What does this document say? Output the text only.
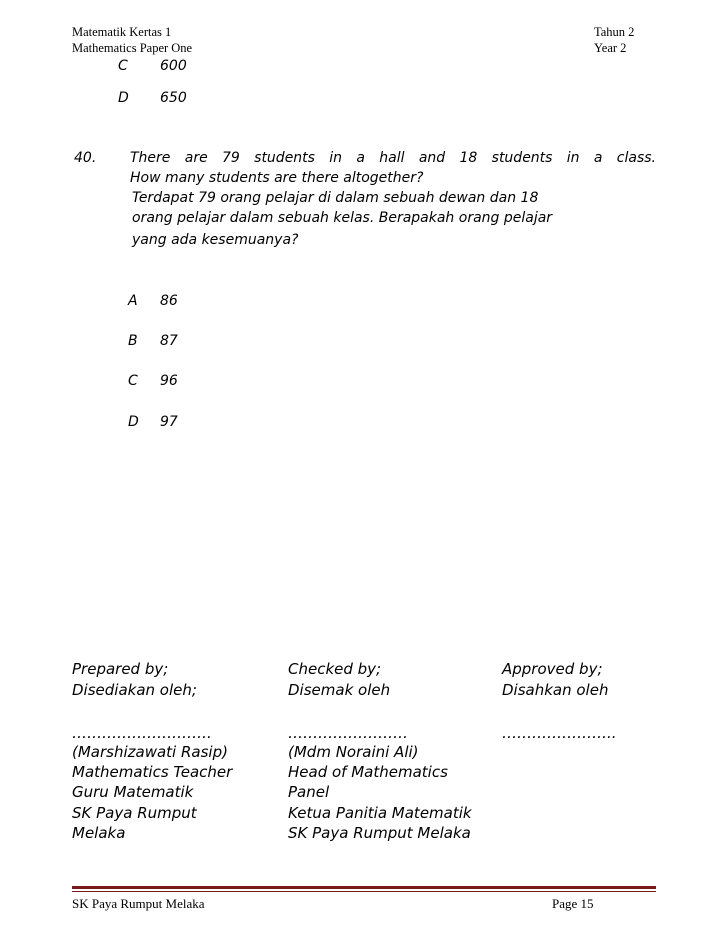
Matematik Kertas 1
Mathematics Paper One
Tahun 2
Year 2
C 600
D 650
40. There are 79 students in a hall and 18 students in a class.
How many students are there altogether?
Terdapat 79 orang pelajar di dalam sebuah dewan dan 18
orang pelajar dalam sebuah kelas. Berapakah orang pelajar
yang ada kesemuanya?
A 86
B 87
C 96
D 97
Prepared by;
Disediakan oleh;
……………………….
(Marshizawati Rasip)
Mathematics Teacher
Guru Matematik
SK Paya Rumput
Melaka
Checked by;
Disemak oleh
……………………
(Mdm Noraini Ali)
Head of Mathematics
Panel
Ketua Panitia Matematik
SK Paya Rumput Melaka
Approved by;
Disahkan oleh
…………………..
SK Paya Rumput Melaka	Page 15
